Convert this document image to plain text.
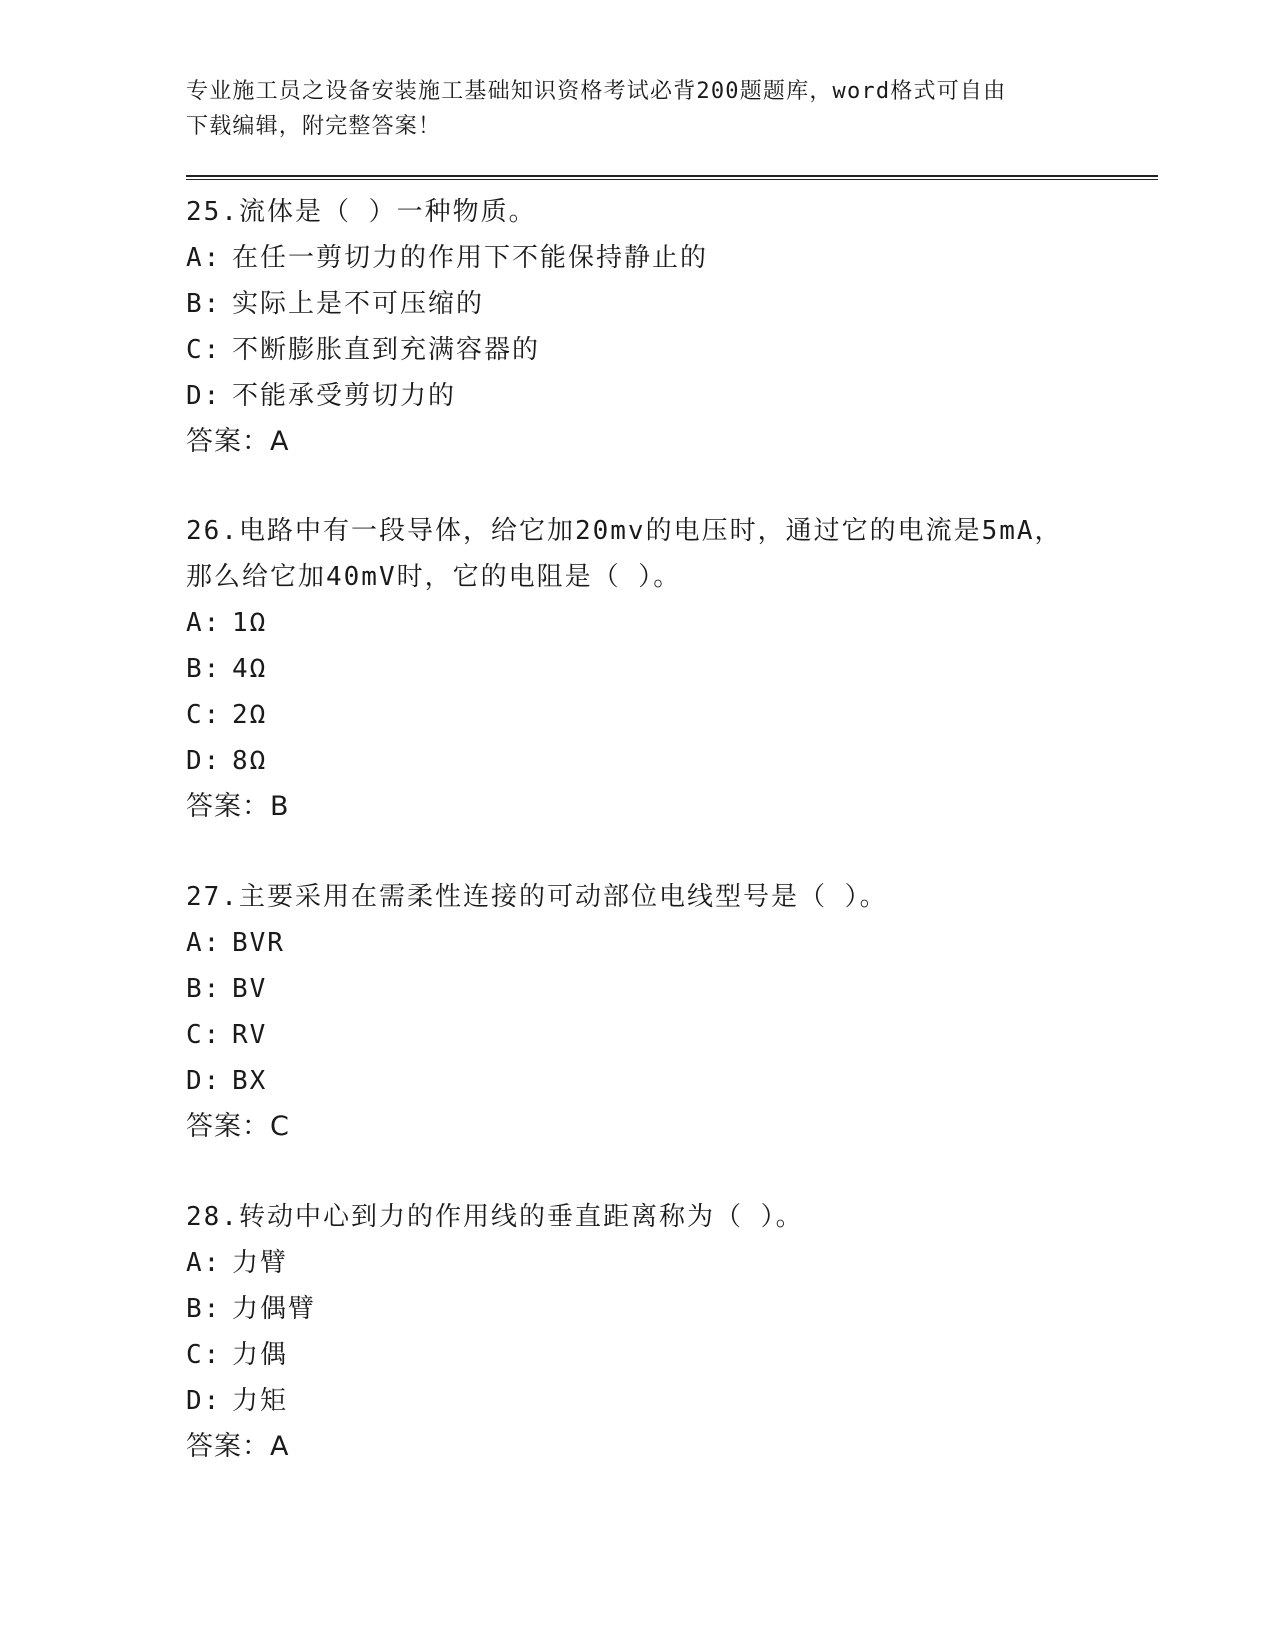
专业施工员之设备安装施工基础知识资格考试必背200题题库，word格式可自由
下载编辑，附完整答案！
25.流体是（ ）一种物质。
A: 在任一剪切力的作用下不能保持静止的
B: 实际上是不可压缩的
C: 不断膨胀直到充满容器的
D: 不能承受剪切力的
答案：A
26.电路中有一段导体，给它加20mv的电压时，通过它的电流是5mA，
那么给它加40mV时，它的电阻是（ ）。
A: 1Ω
B: 4Ω
C: 2Ω
D: 8Ω
答案：B
27.主要采用在需柔性连接的可动部位电线型号是（ ）。
A: BVR
B: BV
C: RV
D: BX
答案：C
28.转动中心到力的作用线的垂直距离称为（ ）。
A: 力臂
B: 力偶臂
C: 力偶
D: 力矩
答案：A
